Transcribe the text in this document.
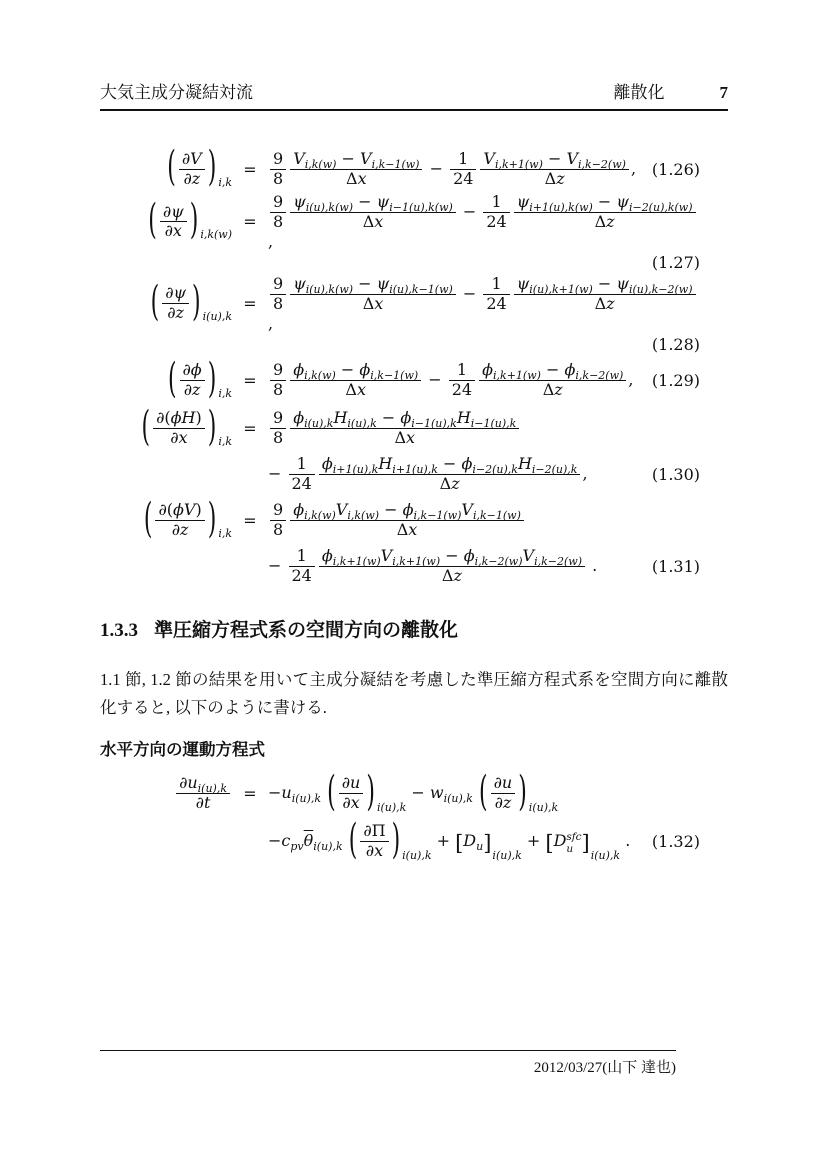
大気主成分凝結対流	離散化	7
( ∂V
∂z ) i,k
= $\frac{9}{8} \frac{V_{i,k(w)} - V_{i,k-1(w)}}{\Delta x} - \frac{1}{24} \frac{V_{i,k+1(w)} - V_{i,k-2(w)}}{\Delta z}$ , (1.26)
( ∂ψ
∂x ) i,k(w)
= $\frac{9}{8} \frac{\psi_{i(u),k(w)} - \psi_{i-1(u),k(w)}}{\Delta x} - \frac{1}{24} \frac{\psi_{i+1(u),k(w)} - \psi_{i-2(u),k(w)}}{\Delta z}$
,
(1.27)
( ∂ψ
∂z ) i(u),k
= $\frac{9}{8} \frac{\psi_{i(u),k(w)} - \psi_{i(u),k-1(w)}}{\Delta x} - \frac{1}{24} \frac{\psi_{i(u),k+1(w)} - \psi_{i(u),k-2(w)}}{\Delta z}$
,
(1.28)
( ∂ϕ
∂z ) i,k
= $\frac{9}{8} \frac{\phi_{i,k(w)} - \phi_{i,k-1(w)}}{\Delta x} - \frac{1}{24} \frac{\phi_{i,k+1(w)} - \phi_{i,k-2(w)}}{\Delta z}$ ,	(1.29)
( ∂(ϕH)
∂x ) i,k
= $\frac{9}{8} \phi_{i(u),k}H_{i(u),k} - \phi_{i-1(u),k}H_{i-1(u),k}$
Δx
− $\frac{1}{24} \phi_{i+1(u),k}H_{i+1(u),k} - \phi_{i-2(u),k}H_{i-2(u),k}$
Δz
,	(1.30)
( ∂(ϕV)
∂z ) i,k
= $\frac{9}{8} \frac{\phi_{i,k(w)}V_{i,k(w)} - \phi_{i,k-1(w)}V_{i,k-1(w)}}{\Delta x}$
− $\frac{1}{24} \frac{\phi_{i,k+1(w)}V_{i,k+1(w)} - \phi_{i,k-2(w)}V_{i,k-2(w)}}{\Delta z}$ .	(1.31)
1.3.3 準圧縮方程式系の空間方向の離散化
1.1 節, 1.2 節の結果を用いて主成分凝結を考慮した準圧縮方程式系を空間方向に離散化すると, 以下のように書ける.
水平方向の運動方程式
$\partial u_{i(u),k}$
∂t	= $-u_{i(u),k}$ ( $\frac{\partial u}{\partial x}$ ) $_{i(u),k} - w_{i(u),k}$ ( $\frac{\partial u}{\partial z}$ ) $_{i(u),k}$
$-c_{pv}\overline{\theta}_{i(u),k}$ ( $\frac{\partial\Pi}{\partial x}$ ) $_{i(u),k} + [D_u]_{i(u),k} + [D$ sfc
u ]$_{i(u),k}$ .	(1.32)
2012/03/27(山下 達也)
